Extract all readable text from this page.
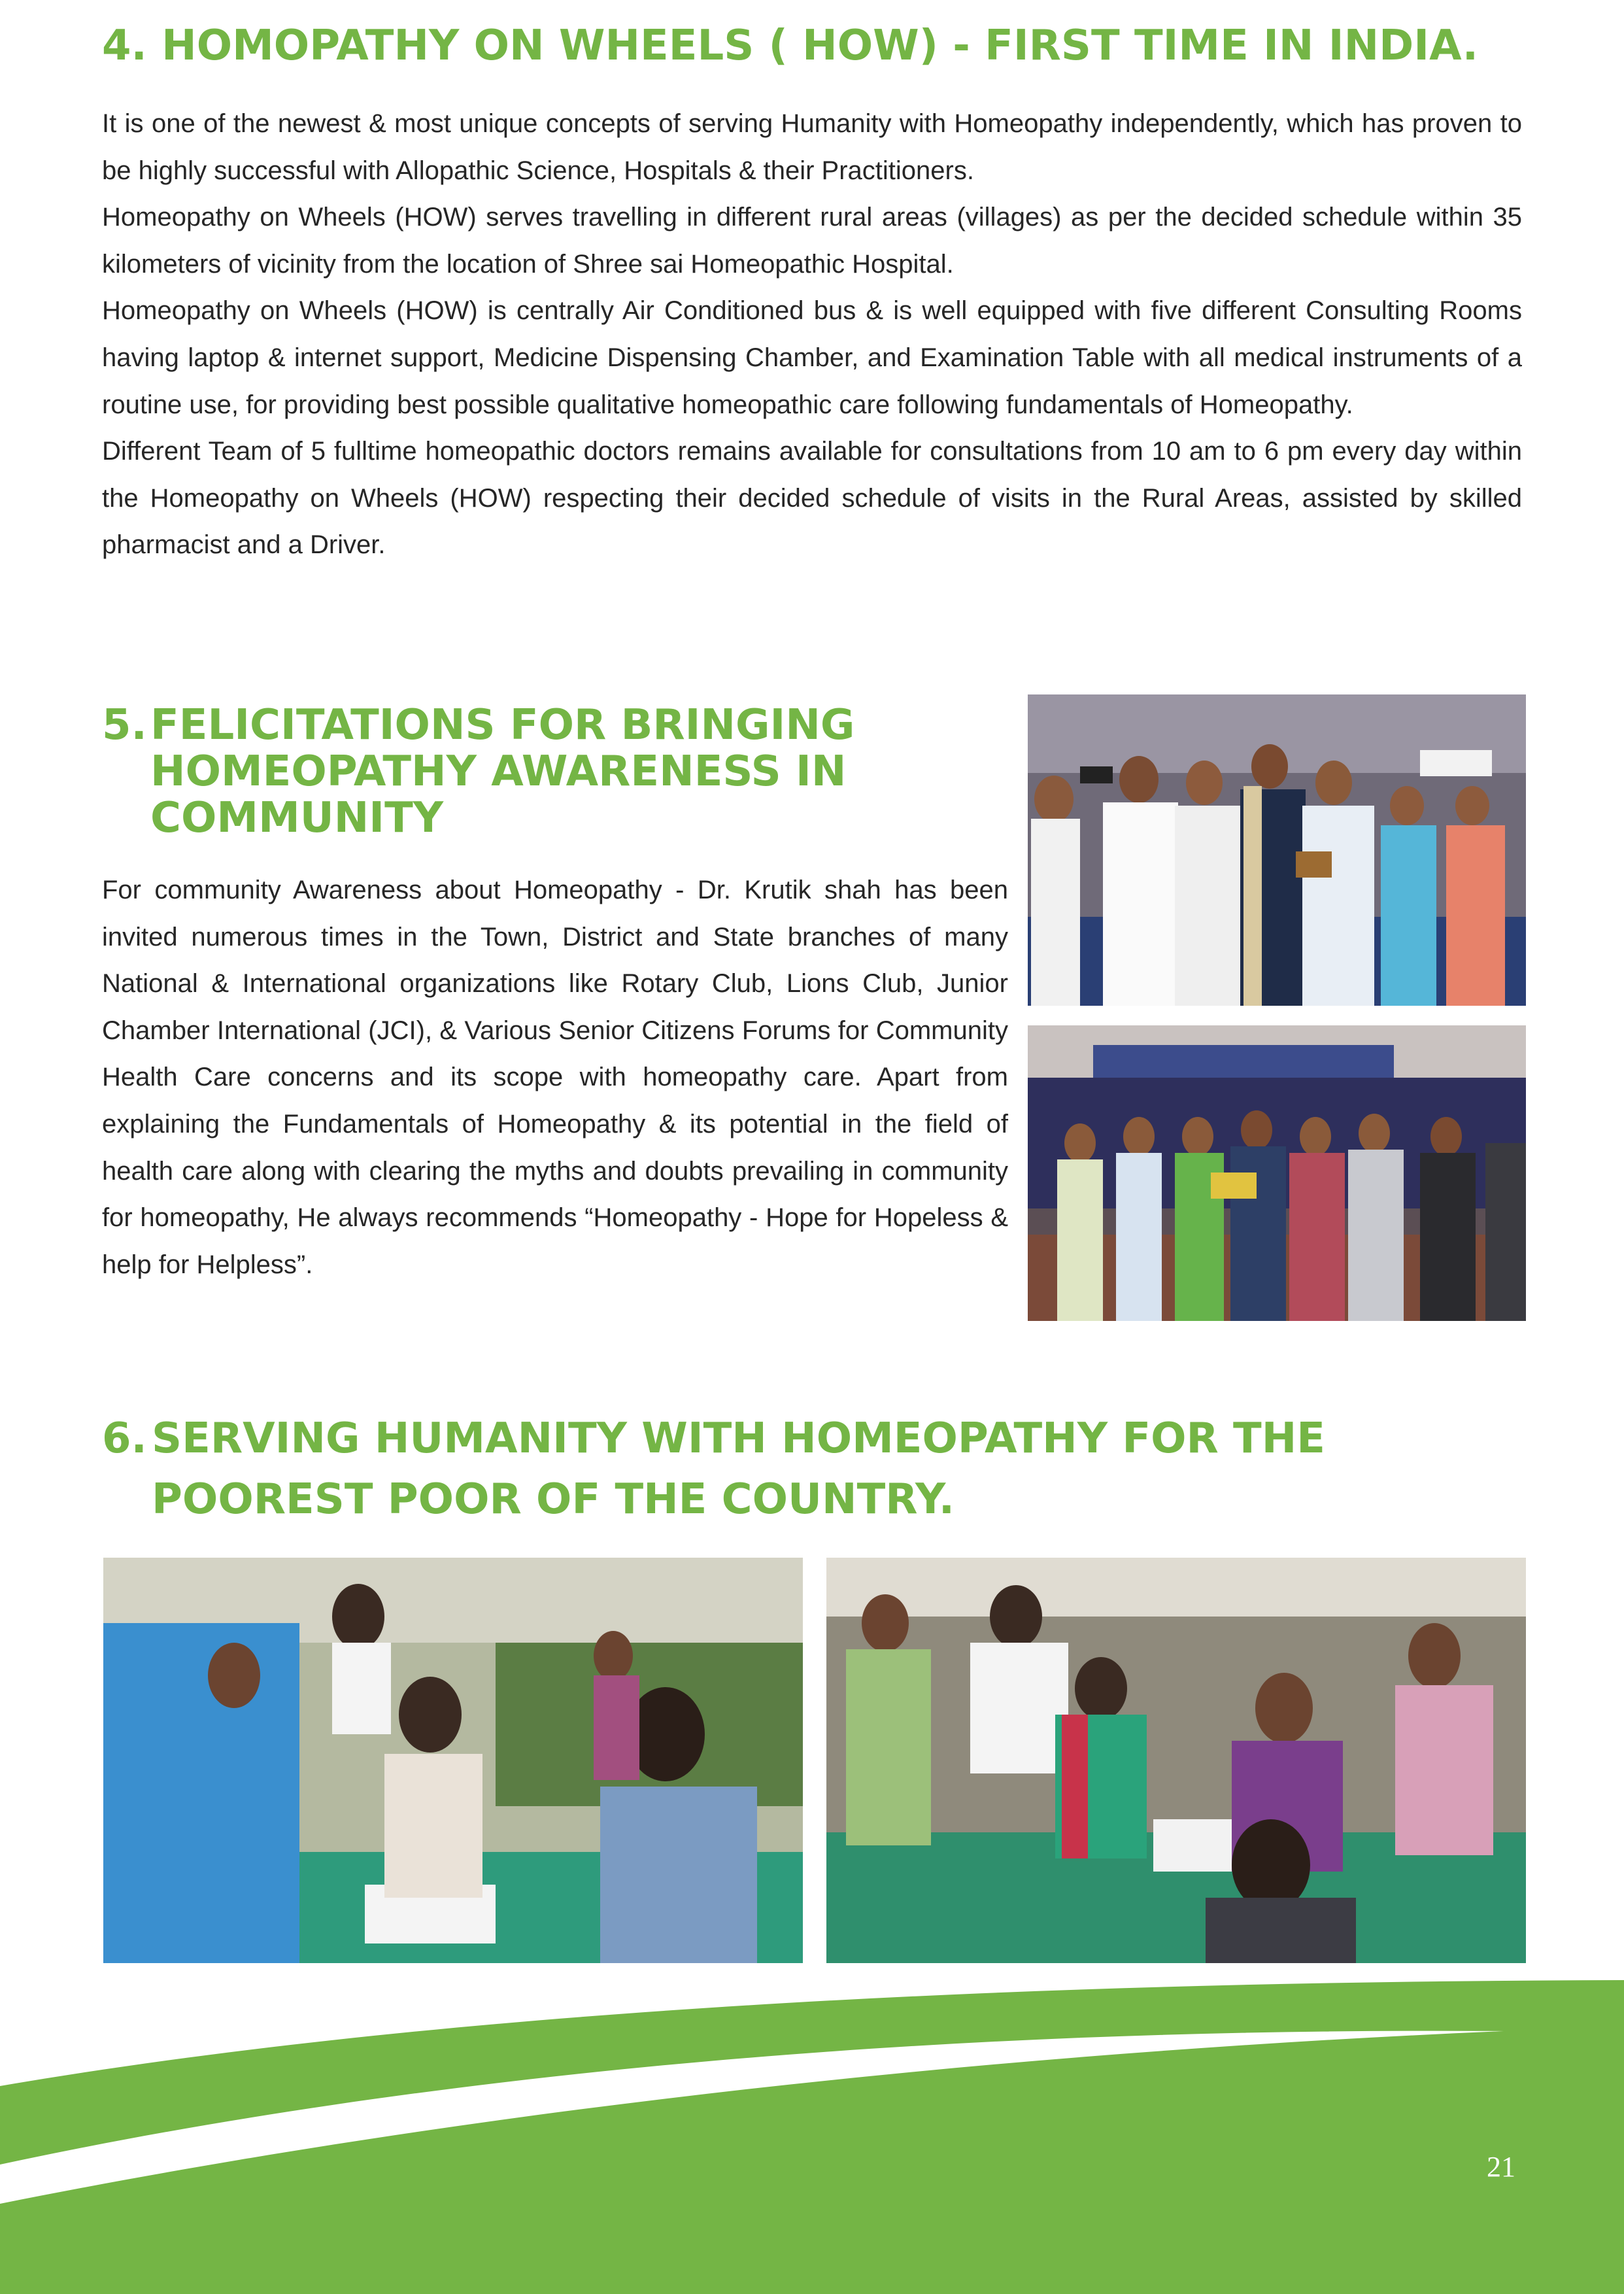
4. HOMOPATHY ON WHEELS ( HOW) - FIRST TIME IN INDIA.

It is one of the newest & most unique concepts of serving Humanity with Homeopathy independently, which has proven to be highly successful with Allopathic Science, Hospitals & their Practitioners.

Homeopathy on Wheels (HOW) serves travelling in different rural areas (villages) as per the decided schedule within 35 kilometers of vicinity from the location of Shree sai Homeopathic Hospital.

Homeopathy on Wheels (HOW) is centrally Air Conditioned bus & is well equipped with five different Consulting Rooms having laptop & internet support, Medicine Dispensing Chamber, and Examination Table with all medical instruments of a routine use, for providing best possible qualitative homeopathic care following fundamentals of Homeopathy.

Different Team of 5 fulltime homeopathic doctors remains available for consultations from 10 am to 6 pm every day within the Homeopathy on Wheels (HOW) respecting their decided schedule of visits in the Rural Areas, assisted by skilled pharmacist and a Driver.

5. FELICITATIONS FOR BRINGING
HOMEOPATHY AWARENESS IN
COMMUNITY

For community Awareness about Homeopathy - Dr. Krutik shah has been invited numerous times in the Town, District and State branches of many National & International organizations like Rotary Club, Lions Club, Junior Chamber International (JCI), & Various Senior Citizens Forums for Community Health Care concerns and its scope with homeopathy care. Apart from explaining the Fundamentals of Homeopathy & its potential in the field of health care along with clearing the myths and doubts prevailing in community for homeopathy, He always recommends “Homeopathy - Hope for Hopeless & help for Helpless”.

6. SERVING HUMANITY WITH HOMEOPATHY FOR THE
POOREST POOR OF THE COUNTRY.
21
